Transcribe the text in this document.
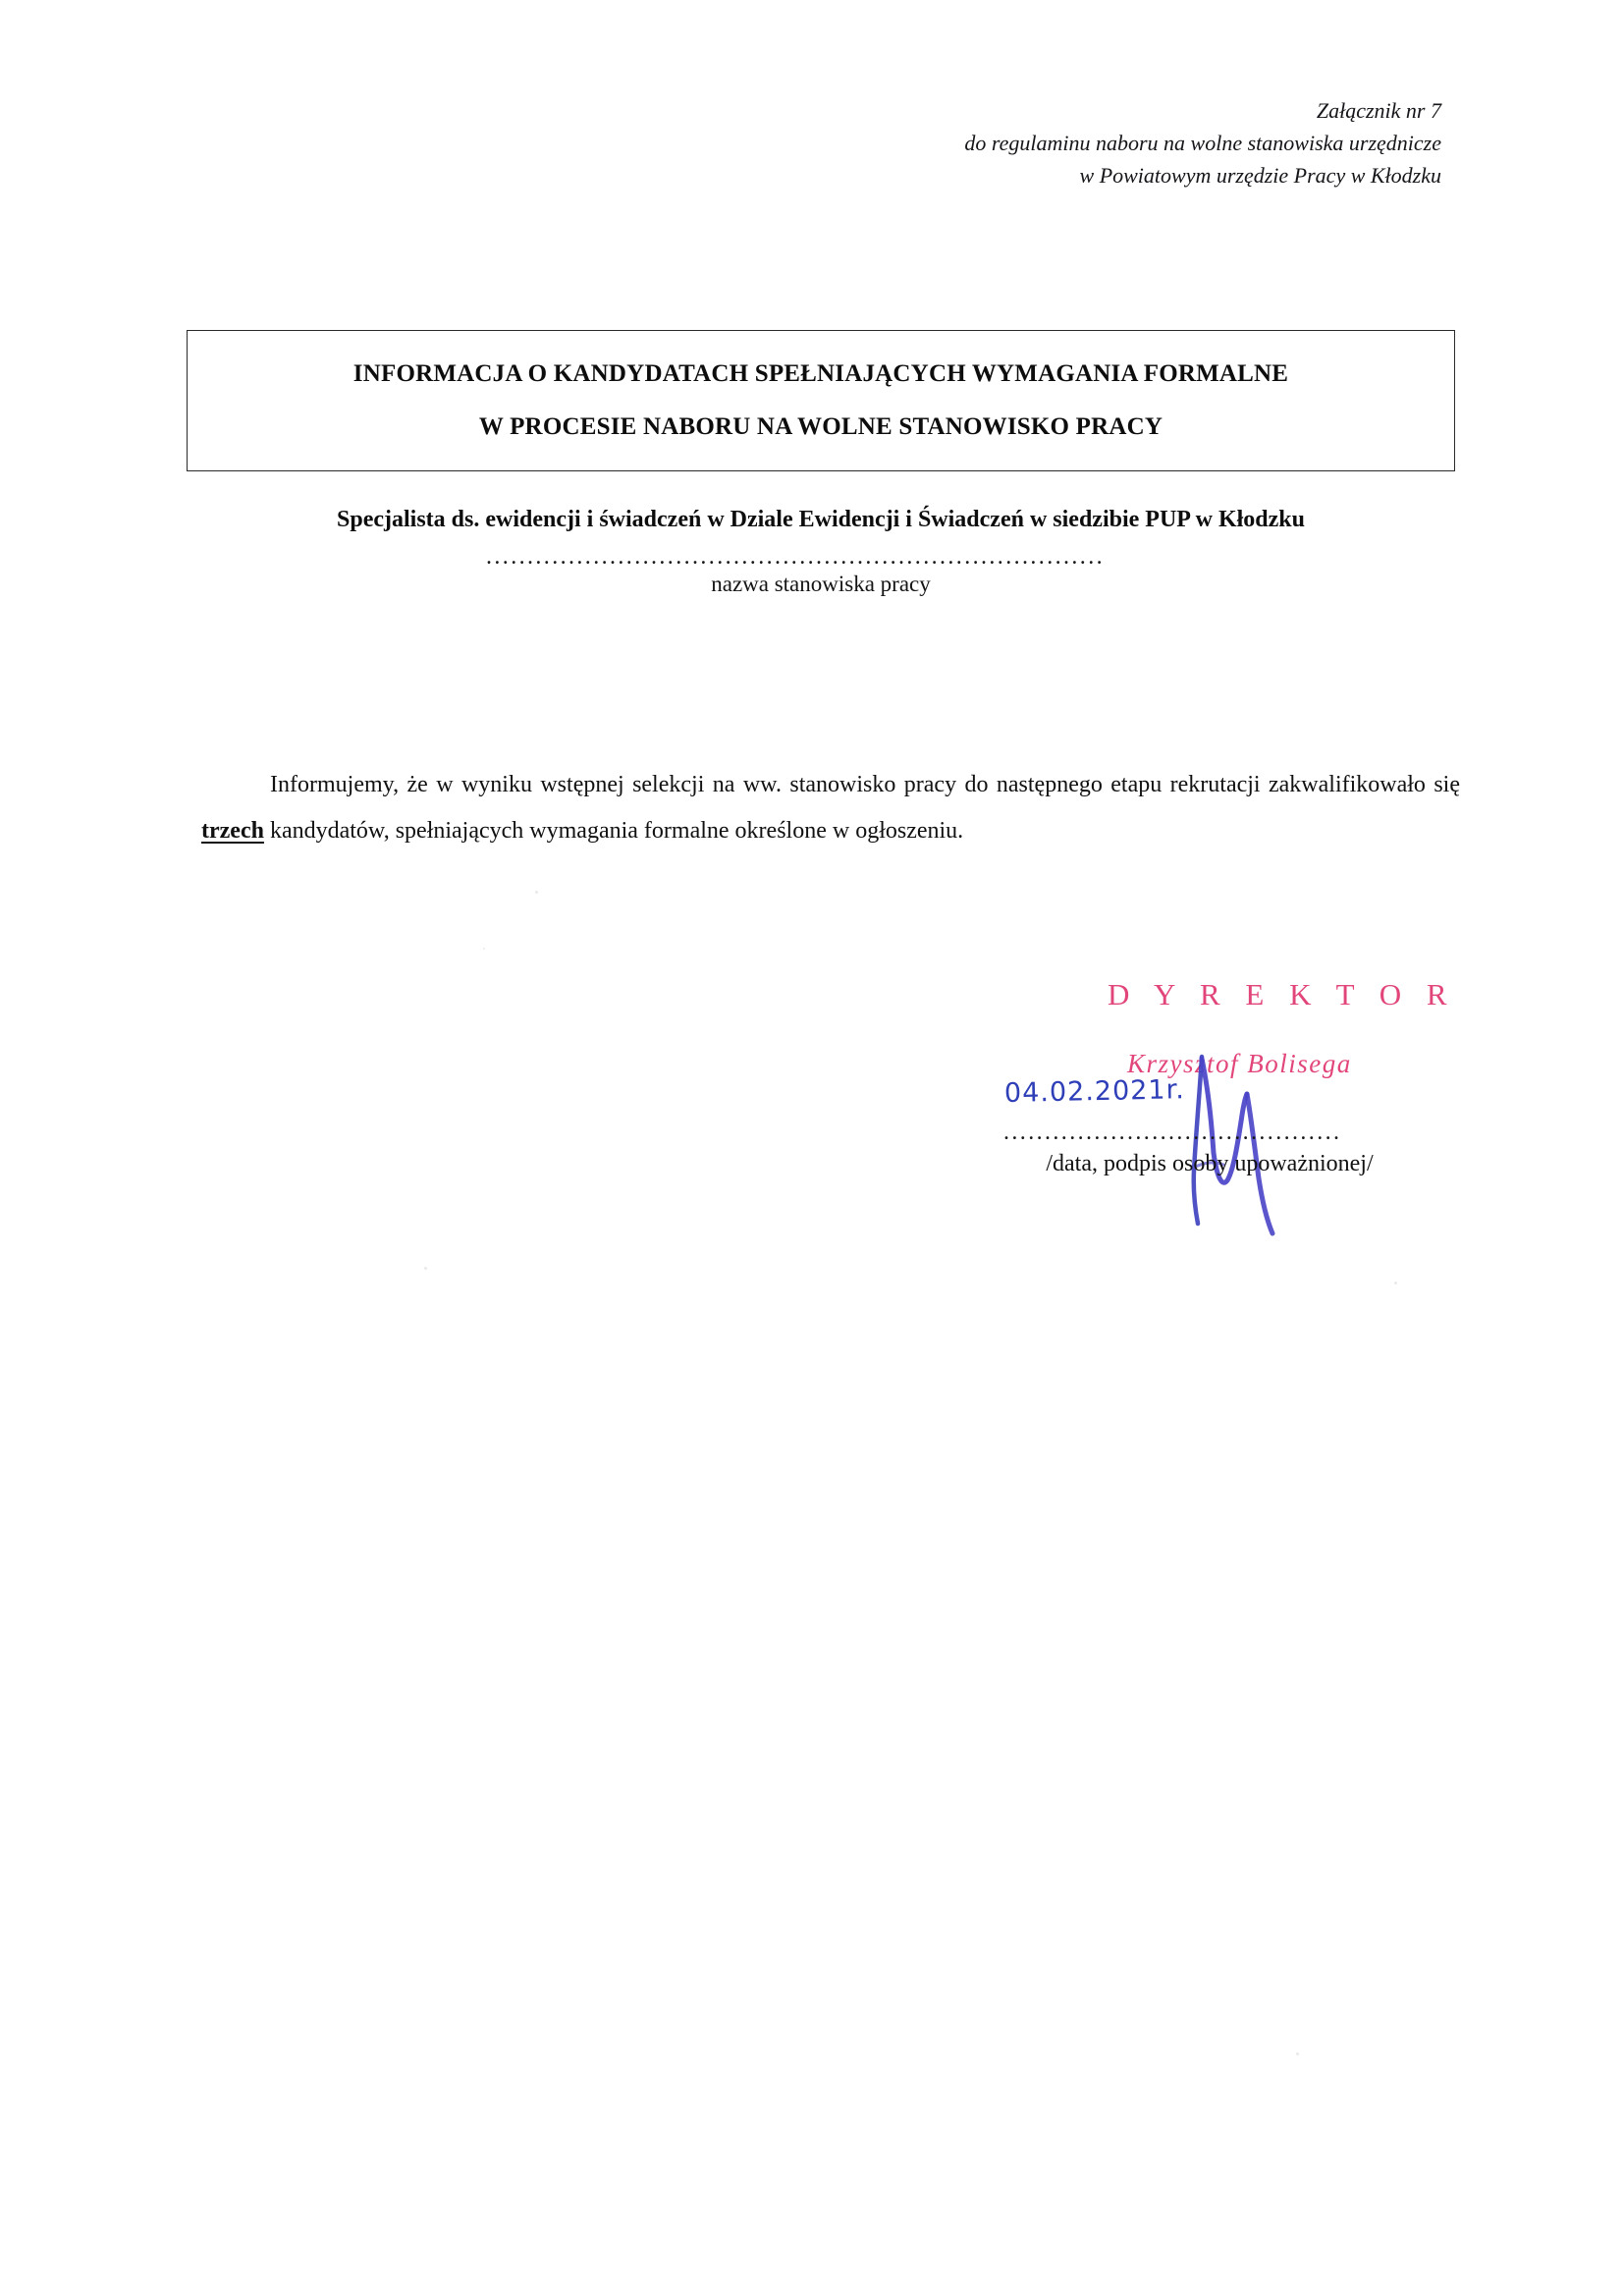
Załącznik nr 7
do regulaminu naboru na wolne stanowiska urzędnicze
w Powiatowym urzędzie Pracy w Kłodzku
INFORMACJA O KANDYDATACH SPEŁNIAJĄCYCH WYMAGANIA FORMALNE
W PROCESIE NABORU NA WOLNE STANOWISKO PRACY
Specjalista ds. ewidencji i świadczeń w Dziale Ewidencji i Świadczeń w siedzibie PUP w Kłodzku
...........................................................................
nazwa stanowiska pracy

Informujemy, że w wyniku wstępnej selekcji na ww. stanowisko pracy do następnego etapu rekrutacji zakwalifikowało się trzech kandydatów, spełniających wymagania formalne określone w ogłoszeniu.

D Y R E K T O R
Krzysztof Bolisega
04.02.2021r.
.........................................
/data, podpis osoby upoważnionej/
